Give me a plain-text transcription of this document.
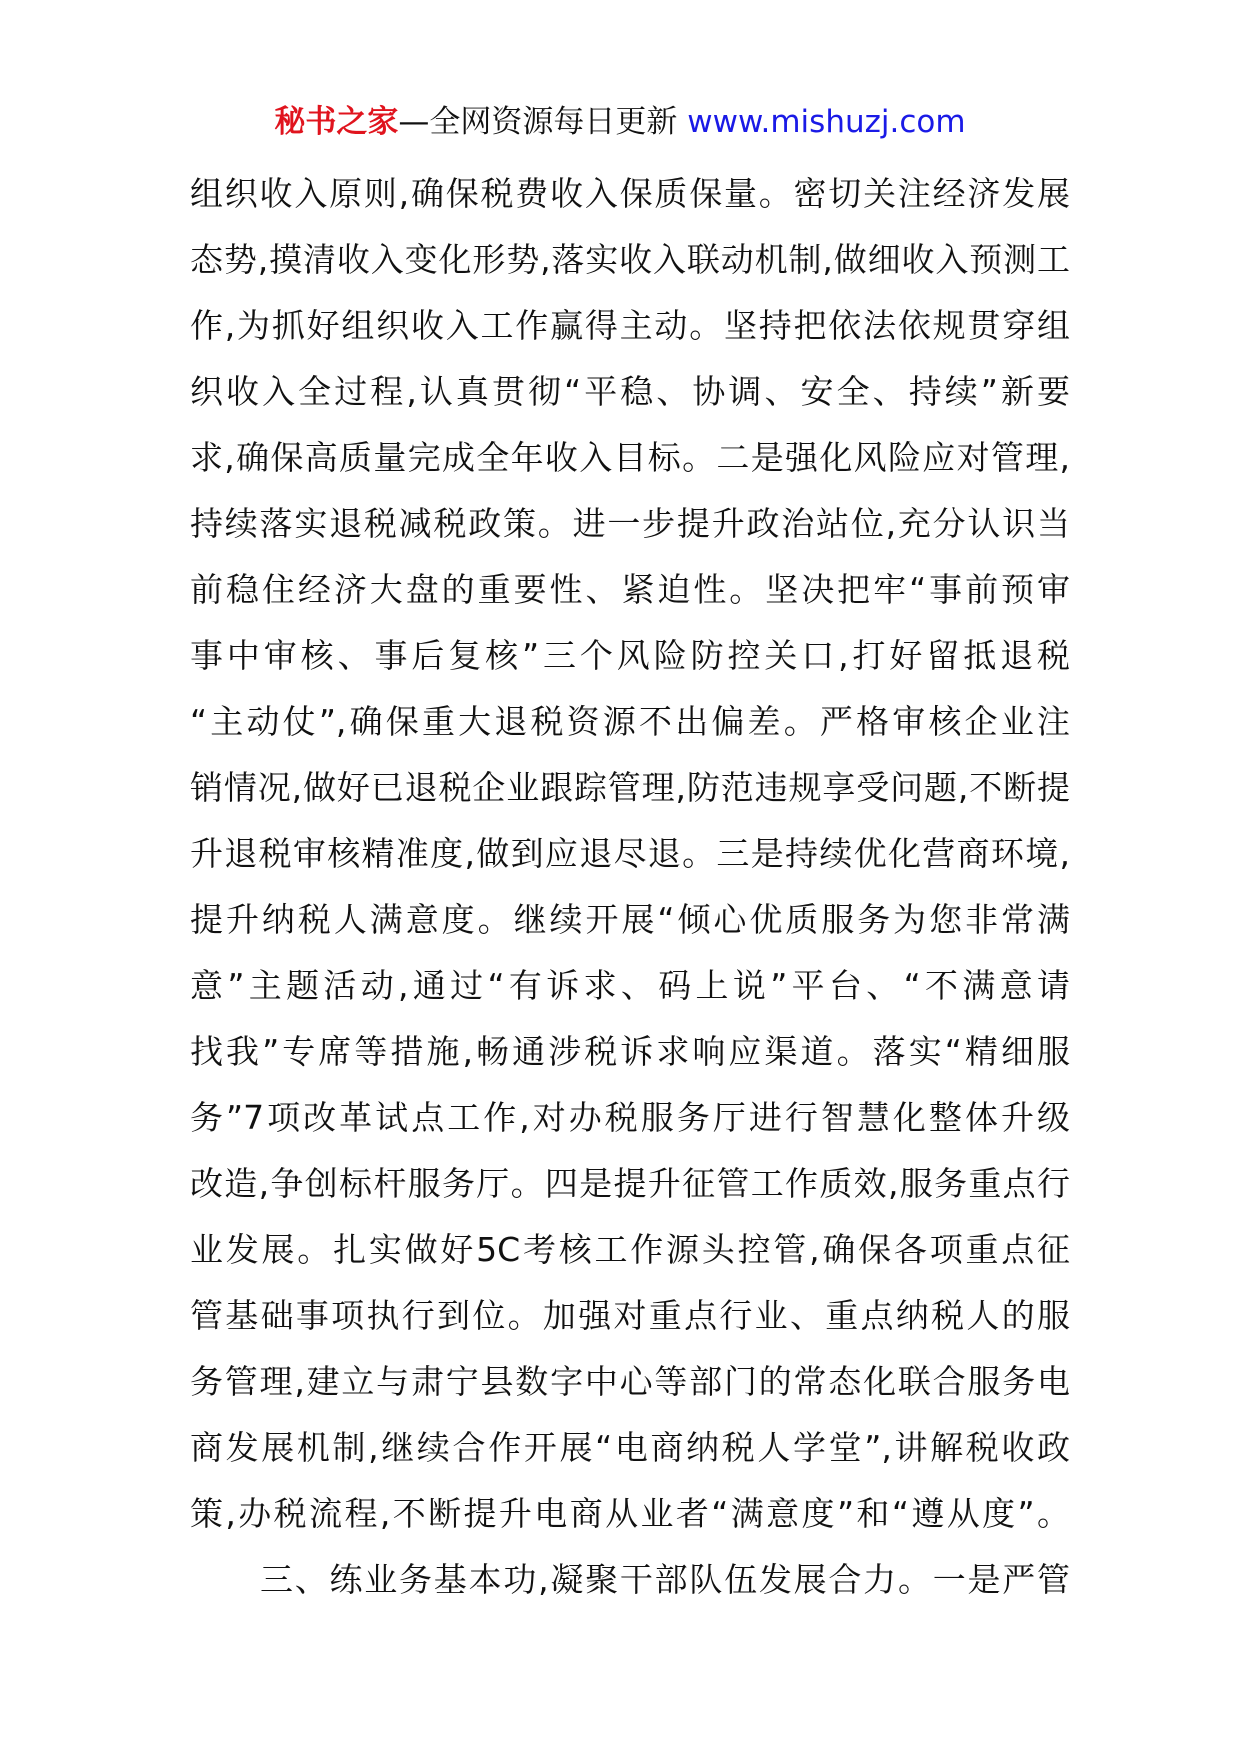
秘书之家—全网资源每日更新 www.mishuzj.com
组织收入原则,确保税费收入保质保量。密切关注经济发展
态势,摸清收入变化形势,落实收入联动机制,做细收入预测工
作,为抓好组织收入工作赢得主动。坚持把依法依规贯穿组
织收入全过程,认真贯彻“平稳、协调、安全、持续”新要
求,确保高质量完成全年收入目标。二是强化风险应对管理,
持续落实退税减税政策。进一步提升政治站位,充分认识当
前稳住经济大盘的重要性、紧迫性。坚决把牢“事前预审
事中审核、事后复核”三个风险防控关口,打好留抵退税
“主动仗”,确保重大退税资源不出偏差。严格审核企业注
销情况,做好已退税企业跟踪管理,防范违规享受问题,不断提
升退税审核精准度,做到应退尽退。三是持续优化营商环境,
提升纳税人满意度。继续开展“倾心优质服务为您非常满
意”主题活动,通过“有诉求、码上说”平台、“不满意请
找我”专席等措施,畅通涉税诉求响应渠道。落实“精细服
务”7项改革试点工作,对办税服务厅进行智慧化整体升级
改造,争创标杆服务厅。四是提升征管工作质效,服务重点行
业发展。扎实做好5C考核工作源头控管,确保各项重点征
管基础事项执行到位。加强对重点行业、重点纳税人的服
务管理,建立与肃宁县数字中心等部门的常态化联合服务电
商发展机制,继续合作开展“电商纳税人学堂”,讲解税收政
策,办税流程,不断提升电商从业者“满意度”和“遵从度”。
三、练业务基本功,凝聚干部队伍发展合力。一是严管
